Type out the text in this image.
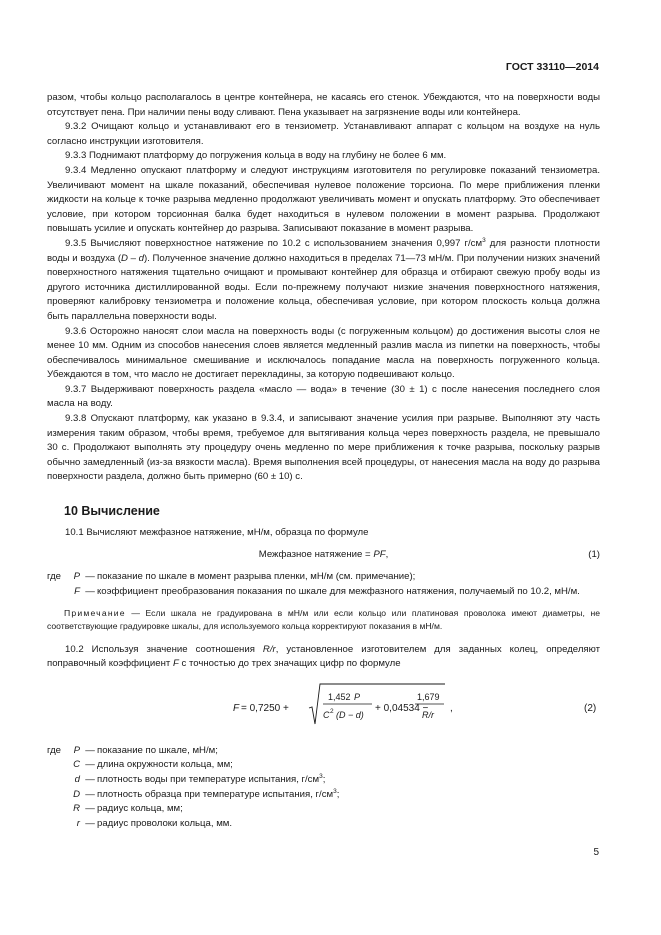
ГОСТ 33110—2014

разом, чтобы кольцо располагалось в центре контейнера, не касаясь его стенок. Убеждаются, что на поверхности воды отсутствует пена. При наличии пены воду сливают. Пена указывает на загрязнение воды или контейнера.

9.3.2 Очищают кольцо и устанавливают его в тензиометр. Устанавливают аппарат с кольцом на воздухе на нуль согласно инструкции изготовителя.

9.3.3 Поднимают платформу до погружения кольца в воду на глубину не более 6 мм.

9.3.4 Медленно опускают платформу и следуют инструкциям изготовителя по регулировке показаний тензиометра. Увеличивают момент на шкале показаний, обеспечивая нулевое положение торсиона. По мере приближения пленки жидкости на кольце к точке разрыва медленно продолжают увеличивать момент и опускать платформу. Это обеспечивает условие, при котором торсионная балка будет находиться в нулевом положении в момент разрыва. Продолжают повышать усилие и опускать контейнер до разрыва. Записывают показание в момент разрыва.

9.3.5 Вычисляют поверхностное натяжение по 10.2 с использованием значения 0,997 $г/см^3$ для разности плотности воды и воздуха (D – d). Полученное значение должно находиться в пределах 71—73 мН/м. При получении низких значений поверхностного натяжения тщательно очищают и промывают контейнер для образца и отбирают свежую пробу воды из другого источника дистиллированной воды. Если по-прежнему получают низкие значения поверхностного натяжения, проверяют калибровку тензиометра и положение кольца, обеспечивая условие, при котором плоскость кольца должна быть параллельна поверхности воды.

9.3.6 Осторожно наносят слои масла на поверхность воды (с погруженным кольцом) до достижения высоты слоя не менее 10 мм. Одним из способов нанесения слоев является медленный разлив масла из пипетки на поверхность, чтобы обеспечивалось минимальное смешивание и исключалось попадание масла на поверхность погруженного кольца. Убеждаются в том, что масло не достигает перекладины, за которую подвешивают кольцо.

9.3.7 Выдерживают поверхность раздела «масло — вода» в течение (30 ± 1) с после нанесения последнего слоя масла на воду.

9.3.8 Опускают платформу, как указано в 9.3.4, и записывают значение усилия при разрыве. Выполняют эту часть измерения таким образом, чтобы время, требуемое для вытягивания кольца через поверхность раздела, не превышало 30 с. Продолжают выполнять эту процедуру очень медленно по мере приближения к точке разрыва, поскольку разрыв обычно замедленный (из-за вязкости масла). Время выполнения всей процедуры, от нанесения масла на воду до разрыва поверхности раздела, должно быть примерно (60 ± 10) с.

10 Вычисление

10.1 Вычисляют межфазное натяжение, мН/м, образца по формуле

Межфазное натяжение = PF,	(1)
где	P — показание по шкале в момент разрыва пленки, мН/м (см. примечание);
F — коэффициент преобразования показания по шкале для межфазного натяжения, получаемый по 10.2, мН/м.

Примечание — Если шкала не градуирована в мН/м или если кольцо или платиновая проволока имеют диаметры, не соответствующие градуировке шкалы, для используемого кольца корректируют показания в мН/м.

10.2 Используя значение соотношения R/r, установленное изготовителем для заданных колец, определяют поправочный коэффициент F с точностью до трех значащих цифр по формуле

F = 0,7250 +
1,452 P
C 2 (D − d)
+ 0,04534 −
1,679
R/r
,	(2)
где	P — показание по шкале, мН/м;
C — длина окружности кольца, мм;
d — плотность воды при температуре испытания, $г/см^3$;
D — плотность образца при температуре испытания, $г/см^3$;
R — радиус кольца, мм;
r — радиус проволоки кольца, мм.
5
